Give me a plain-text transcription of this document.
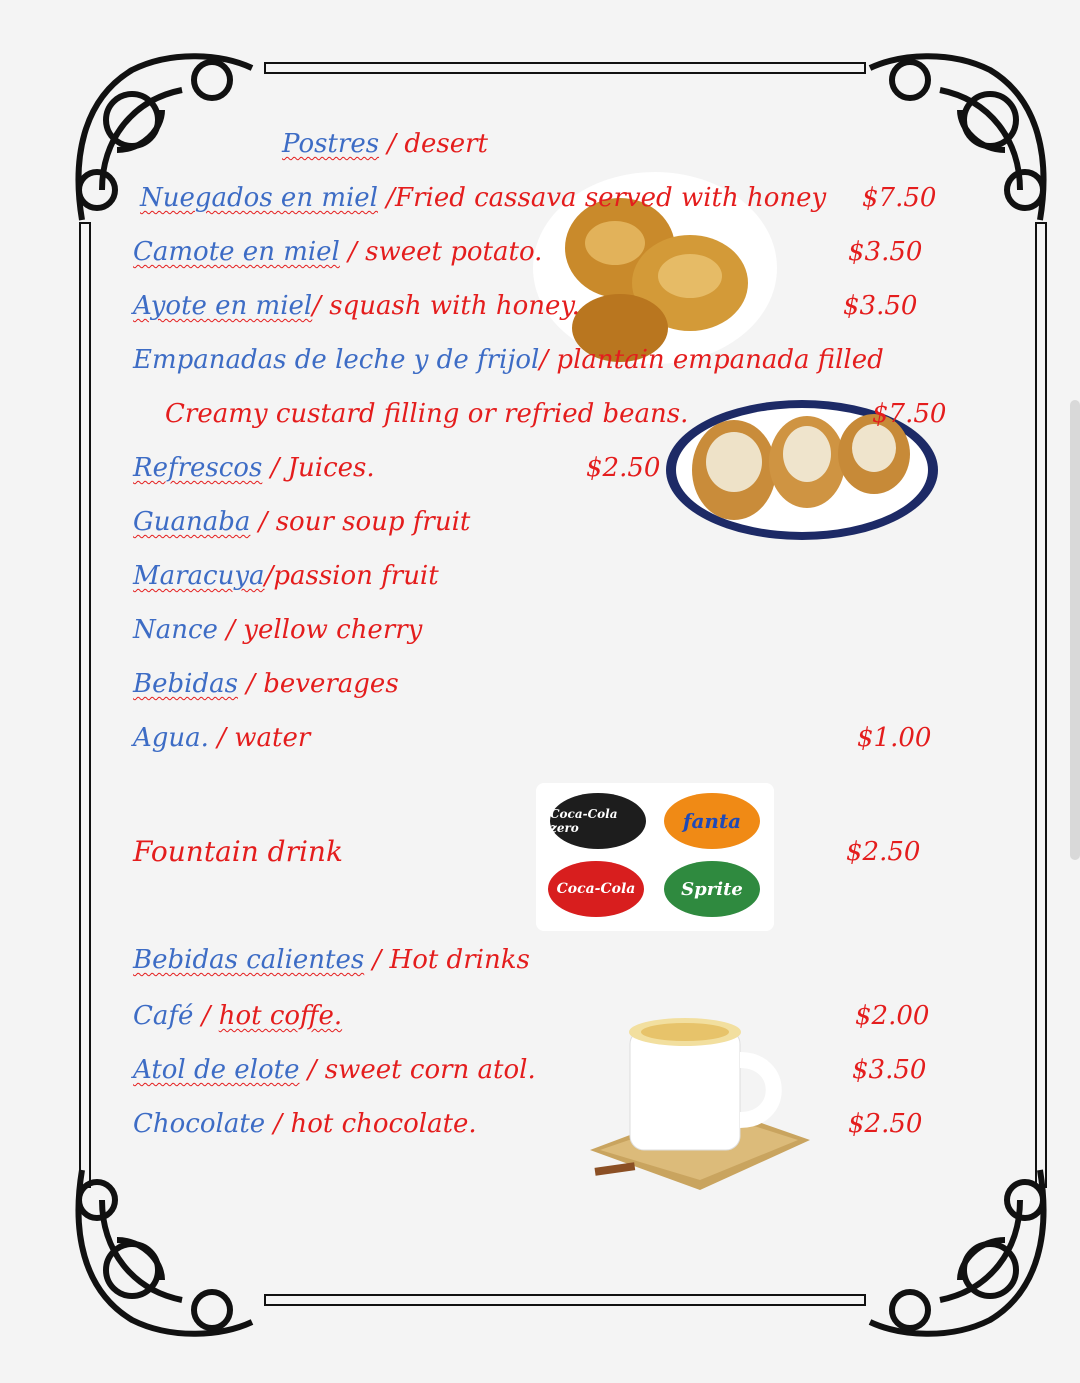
Coca-Cola zero	fanta
Coca-Cola	Sprite
Postres / desert
Nuegados en miel /Fried cassava served with honey $7.50
Camote en miel / sweet potato.	$3.50
Ayote en miel/ squash with honey.	$3.50
Empanadas de leche y de frijol/ plantain empanada filled
Creamy custard filling or refried beans.	$7.50
Refrescos / Juices.	$2.50
Guanaba / sour soup fruit
Maracuya/passion fruit
Nance / yellow cherry
Bebidas / beverages
Agua. / water	$1.00
Fountain drink	$2.50
Bebidas calientes / Hot drinks
Café / hot coffe.	$2.00
Atol de elote / sweet corn atol.	$3.50
Chocolate / hot chocolate.	$2.50
